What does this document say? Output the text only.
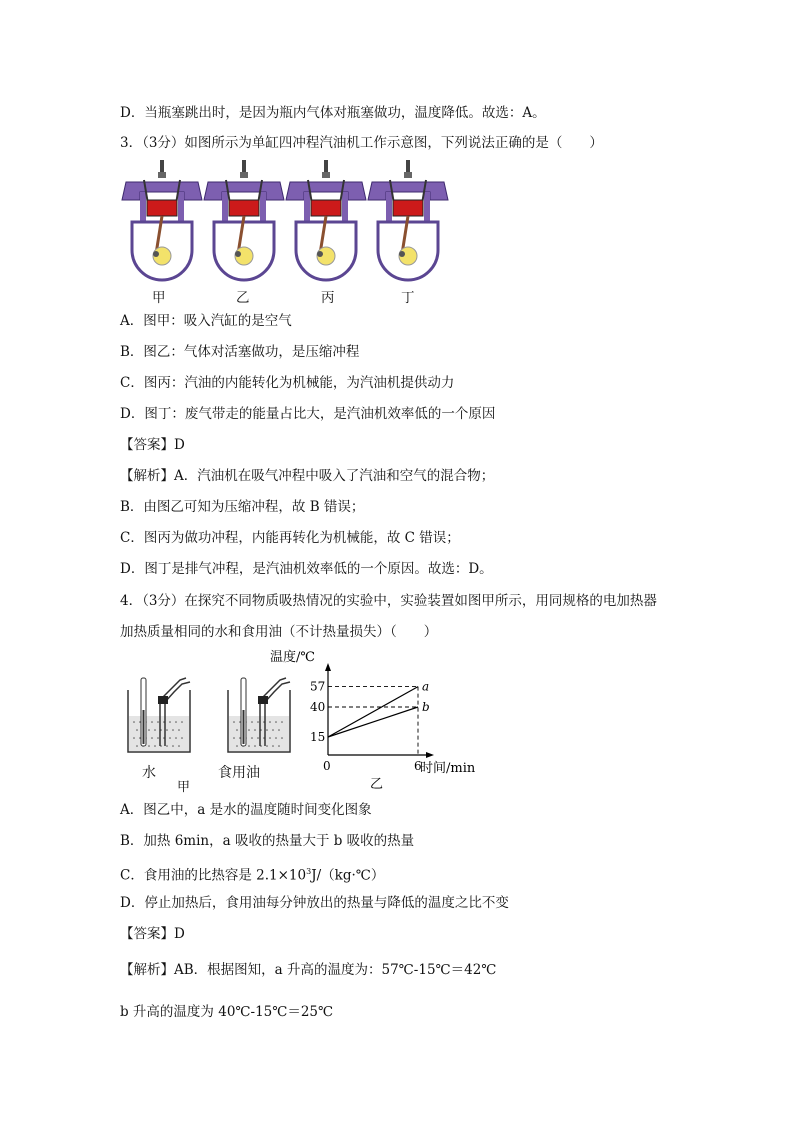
D．当瓶塞跳出时，是因为瓶内气体对瓶塞做功，温度降低。故选：A。
3．（3分）如图所示为单缸四冲程汽油机工作示意图，下列说法正确的是（　　）
甲	乙	丙	丁
A．图甲：吸入汽缸的是空气
B．图乙：气体对活塞做功，是压缩冲程
C．图丙：汽油的内能转化为机械能，为汽油机提供动力
D．图丁：废气带走的能量占比大，是汽油机效率低的一个原因
【答案】D
【解析】A．汽油机在吸气冲程中吸入了汽油和空气的混合物；
B．由图乙可知为压缩冲程，故 B 错误；
C．图丙为做功冲程，内能再转化为机械能，故 C 错误；
D．图丁是排气冲程，是汽油机效率低的一个原因。故选：D。
4．（3分）在探究不同物质吸热情况的实验中，实验装置如图甲所示，用同规格的电加热器
加热质量相同的水和食用油（不计热量损失）（　　）
水	食用油
甲
温度/℃
时间/min
乙
0
a
b
57
40
15
6
A．图乙中，a 是水的温度随时间变化图象
B．加热 6min，a 吸收的热量大于 b 吸收的热量
C．食用油的比热容是 $2.1\times 10^3J/(kg\cdot℃)$
D．停止加热后，食用油每分钟放出的热量与降低的温度之比不变
【答案】D
【解析】AB．根据图知，a 升高的温度为：57℃-15℃＝42℃
b 升高的温度为 40℃-15℃＝25℃
